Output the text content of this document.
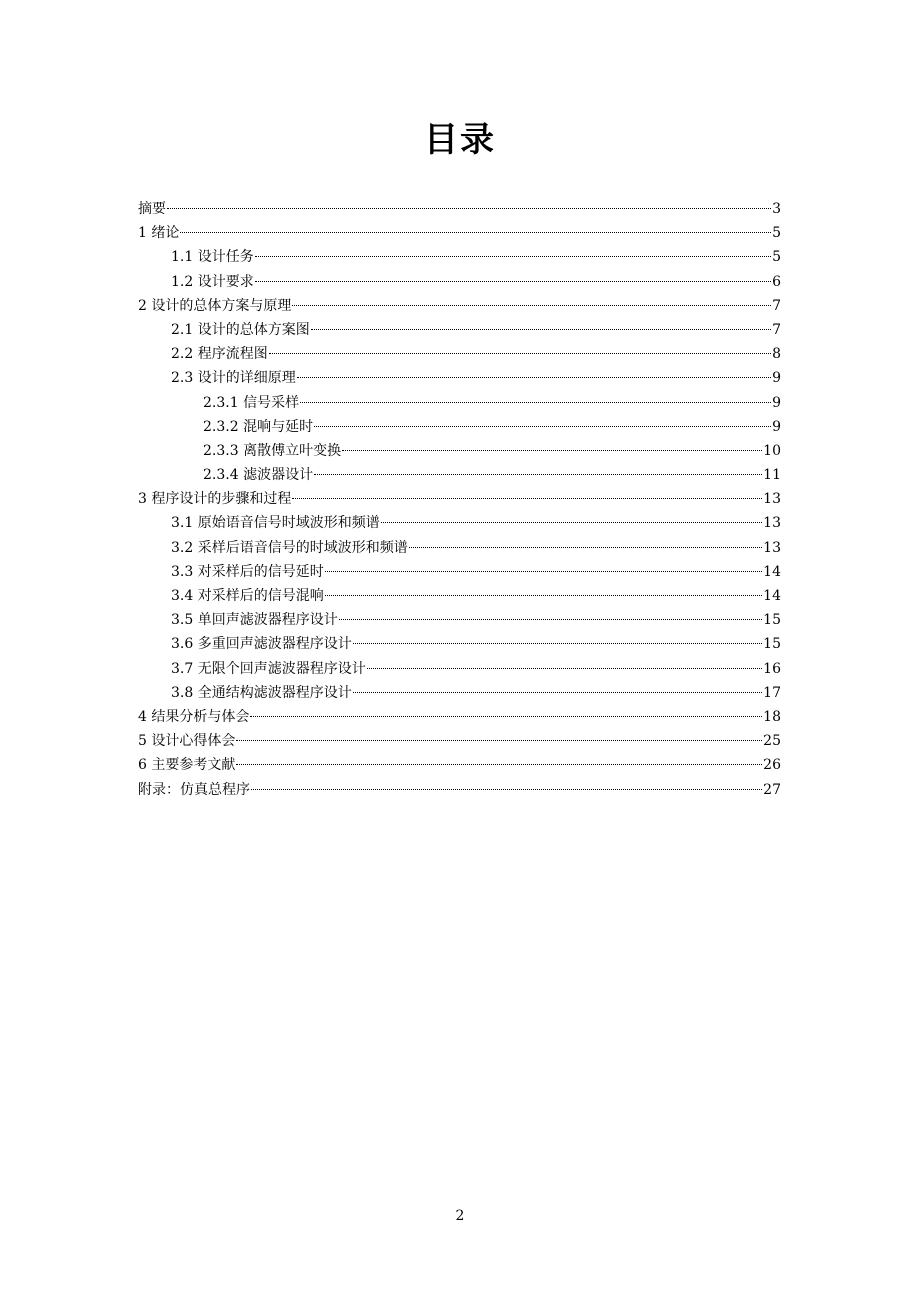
目录
摘要	3
1 绪论	5
1.1 设计任务	5
1.2 设计要求	6
2 设计的总体方案与原理	7
2.1 设计的总体方案图	7
2.2 程序流程图	8
2.3 设计的详细原理	9
2.3.1 信号采样	9
2.3.2 混响与延时	9
2.3.3 离散傅立叶变换	10
2.3.4 滤波器设计	11
3 程序设计的步骤和过程	13
3.1 原始语音信号时域波形和频谱	13
3.2 采样后语音信号的时域波形和频谱	13
3.3 对采样后的信号延时	14
3.4 对采样后的信号混响	14
3.5 单回声滤波器程序设计	15
3.6 多重回声滤波器程序设计	15
3.7 无限个回声滤波器程序设计	16
3.8 全通结构滤波器程序设计	17
4 结果分析与体会	18
5 设计心得体会	25
6 主要参考文献	26
附录：仿真总程序	27
2
